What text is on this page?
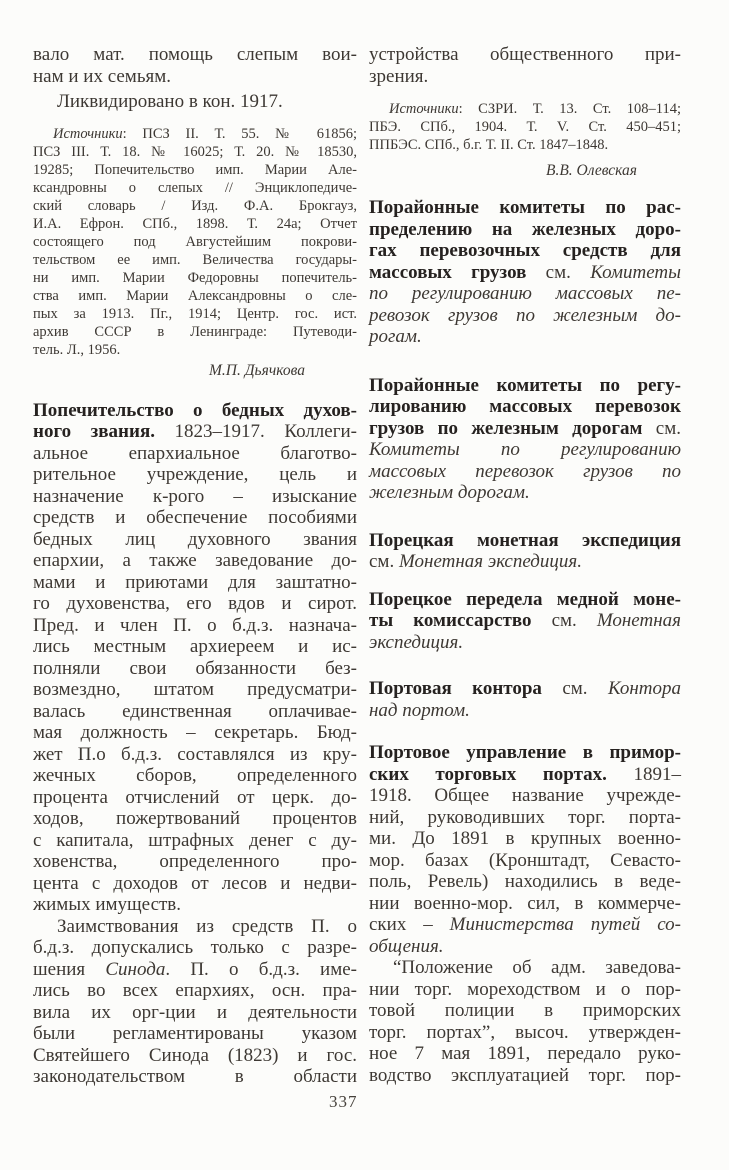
вало мат. помощь слепым вои-
нам и их семьям.
Ликвидировано в кон. 1917.
Источники: ПСЗ II. Т. 55. № 61856;
ПСЗ III. Т. 18. № 16025; Т. 20. № 18530,
19285; Попечительство имп. Марии Але-
ксандровны о слепых // Энциклопедиче-
ский словарь / Изд. Ф.А. Брокгауз,
И.А. Ефрон. СПб., 1898. Т. 24а; Отчет
состоящего под Августейшим покрови-
тельством ее имп. Величества государы-
ни имп. Марии Федоровны попечитель-
ства имп. Марии Александровны о сле-
пых за 1913. Пг., 1914; Центр. гос. ист.
архив СССР в Ленинграде: Путеводи-
тель. Л., 1956.
М.П. Дьячкова
Попечительство о бедных духов-
ного звания. 1823–1917. Коллеги-
альное епархиальное благотво-
рительное учреждение, цель и
назначение к-рого – изыскание
средств и обеспечение пособиями
бедных лиц духовного звания
епархии, а также заведование до-
мами и приютами для заштатно-
го духовенства, его вдов и сирот.
Пред. и член П. о б.д.з. назнача-
лись местным архиереем и ис-
полняли свои обязанности без-
возмездно, штатом предусматри-
валась единственная оплачивае-
мая должность – секретарь. Бюд-
жет П.о б.д.з. составлялся из кру-
жечных сборов, определенного
процента отчислений от церк. до-
ходов, пожертвований процентов
с капитала, штрафных денег с ду-
ховенства, определенного про-
цента с доходов от лесов и недви-
жимых имуществ.
Заимствования из средств П. о
б.д.з. допускались только с разре-
шения Синода. П. о б.д.з. име-
лись во всех епархиях, осн. пра-
вила их орг-ции и деятельности
были регламентированы указом
Святейшего Синода (1823) и гос.
законодательством в области
устройства общественного при-
зрения.
Источники: СЗРИ. Т. 13. Ст. 108–114;
ПБЭ. СПб., 1904. Т. V. Ст. 450–451;
ППБЭС. СПб., б.г. Т. II. Ст. 1847–1848.
В.В. Олевская
Порайонные комитеты по рас-
пределению на железных доро-
гах перевозочных средств для
массовых грузов см. Комитеты
по регулированию массовых пе-
ревозок грузов по железным до-
рогам.
Порайонные комитеты по регу-
лированию массовых перевозок
грузов по железным дорогам см.
Комитеты по регулированию
массовых перевозок грузов по
железным дорогам.
Порецкая монетная экспедиция
см. Монетная экспедиция.
Порецкое передела медной моне-
ты комиссарство см. Монетная
экспедиция.
Портовая контора см. Контора
над портом.
Портовое управление в примор-
ских торговых портах. 1891–
1918. Общее название учрежде-
ний, руководивших торг. порта-
ми. До 1891 в крупных военно-
мор. базах (Кронштадт, Севасто-
поль, Ревель) находились в веде-
нии военно-мор. сил, в коммерче-
ских – Министерства путей со-
общения.
“Положение об адм. заведова-
нии торг. мореходством и о пор-
товой полиции в приморских
торг. портах”, высоч. утвержден-
ное 7 мая 1891, передало руко-
водство эксплуатацией торг. пор-
337
